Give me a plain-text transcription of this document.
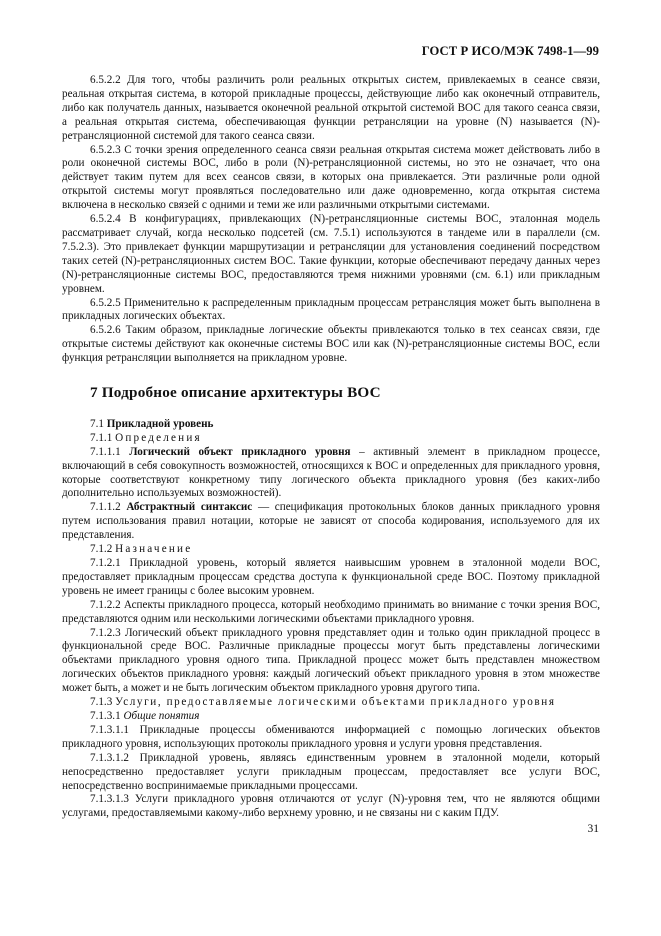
ГОСТ Р ИСО/МЭК 7498-1—99

6.5.2.2 Для того, чтобы различить роли реальных открытых систем, привлекаемых в сеансе связи, реальная открытая система, в которой прикладные процессы, действующие либо как оконечный отправитель, либо как получатель данных, называется оконечной реальной открытой системой ВОС для такого сеанса связи, а реальная открытая система, обеспечивающая функции ретрансляции на уровне (N) называется (N)-ретрансляционной системой для такого сеанса связи.

6.5.2.3 С точки зрения определенного сеанса связи реальная открытая система может действовать либо в роли оконечной системы ВОС, либо в роли (N)-ретрансляционной системы, но это не означает, что она действует таким путем для всех сеансов связи, в которых она привлекается. Эти различные роли одной открытой системы могут проявляться последовательно или даже одновременно, когда открытая система включена в несколько связей с одними и теми же или различными открытыми системами.

6.5.2.4 В конфигурациях, привлекающих (N)-ретрансляционные системы ВОС, эталонная модель рассматривает случай, когда несколько подсетей (см. 7.5.1) используются в тандеме или в параллели (см. 7.5.2.3). Это привлекает функции маршрутизации и ретрансляции для установления соединений посредством таких сетей (N)-ретрансляционных систем ВОС. Такие функции, которые обеспечивают передачу данных через (N)-ретрансляционные системы ВОС, предоставляются тремя нижними уровнями (см. 6.1) или прикладным уровнем.

6.5.2.5 Применительно к распределенным прикладным процессам ретрансляция может быть выполнена в прикладных логических объектах.

6.5.2.6 Таким образом, прикладные логические объекты привлекаются только в тех сеансах связи, где открытые системы действуют как оконечные системы ВОС или как (N)-ретрансляционные системы ВОС, если функция ретрансляции выполняется на прикладном уровне.

7 Подробное описание архитектуры ВОС

7.1 Прикладной уровень

7.1.1 Определения

7.1.1.1 Логический объект прикладного уровня – активный элемент в прикладном процессе, включающий в себя совокупность возможностей, относящихся к ВОС и определенных для прикладного уровня, которые соответствуют конкретному типу логического объекта прикладного уровня (без каких-либо дополнительно используемых возможностей).

7.1.1.2 Абстрактный синтаксис — спецификация протокольных блоков данных прикладного уровня путем использования правил нотации, которые не зависят от способа кодирования, используемого для их представления.

7.1.2 Назначение

7.1.2.1 Прикладной уровень, который является наивысшим уровнем в эталонной модели ВОС, предоставляет прикладным процессам средства доступа к функциональной среде ВОС. Поэтому прикладной уровень не имеет границы с более высоким уровнем.

7.1.2.2 Аспекты прикладного процесса, который необходимо принимать во внимание с точки зрения ВОС, представляются одним или несколькими логическими объектами прикладного уровня.

7.1.2.3 Логический объект прикладного уровня представляет один и только один прикладной процесс в функциональной среде ВОС. Различные прикладные процессы могут быть представлены логическими объектами прикладного уровня одного типа. Прикладной процесс может быть представлен множеством логических объектов прикладного уровня: каждый логический объект прикладного уровня в этом множестве может быть, а может и не быть логическим объектом прикладного уровня другого типа.

7.1.3 Услуги, предоставляемые логическими объектами прикладного уровня

7.1.3.1 Общие понятия

7.1.3.1.1 Прикладные процессы обмениваются информацией с помощью логических объектов прикладного уровня, использующих протоколы прикладного уровня и услуги уровня представления.

7.1.3.1.2 Прикладной уровень, являясь единственным уровнем в эталонной модели, который непосредственно предоставляет услуги прикладным процессам, предоставляет все услуги ВОС, непосредственно воспринимаемые прикладными процессами.

7.1.3.1.3 Услуги прикладного уровня отличаются от услуг (N)-уровня тем, что не являются общими услугами, предоставляемыми какому-либо верхнему уровню, и не связаны ни с каким ПДУ.

31
